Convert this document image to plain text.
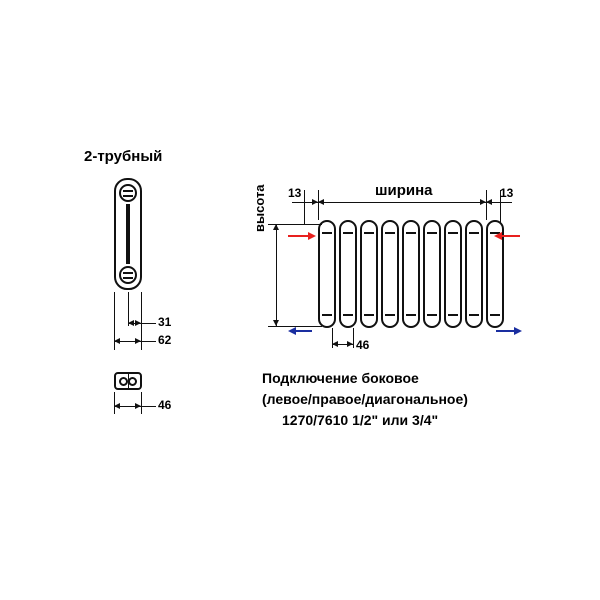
2-трубный
31
62
46
13	13
ширина
высота
46
Подключение боковое
(левое/правое/диагональное)
1270/7610 1/2" или 3/4"
